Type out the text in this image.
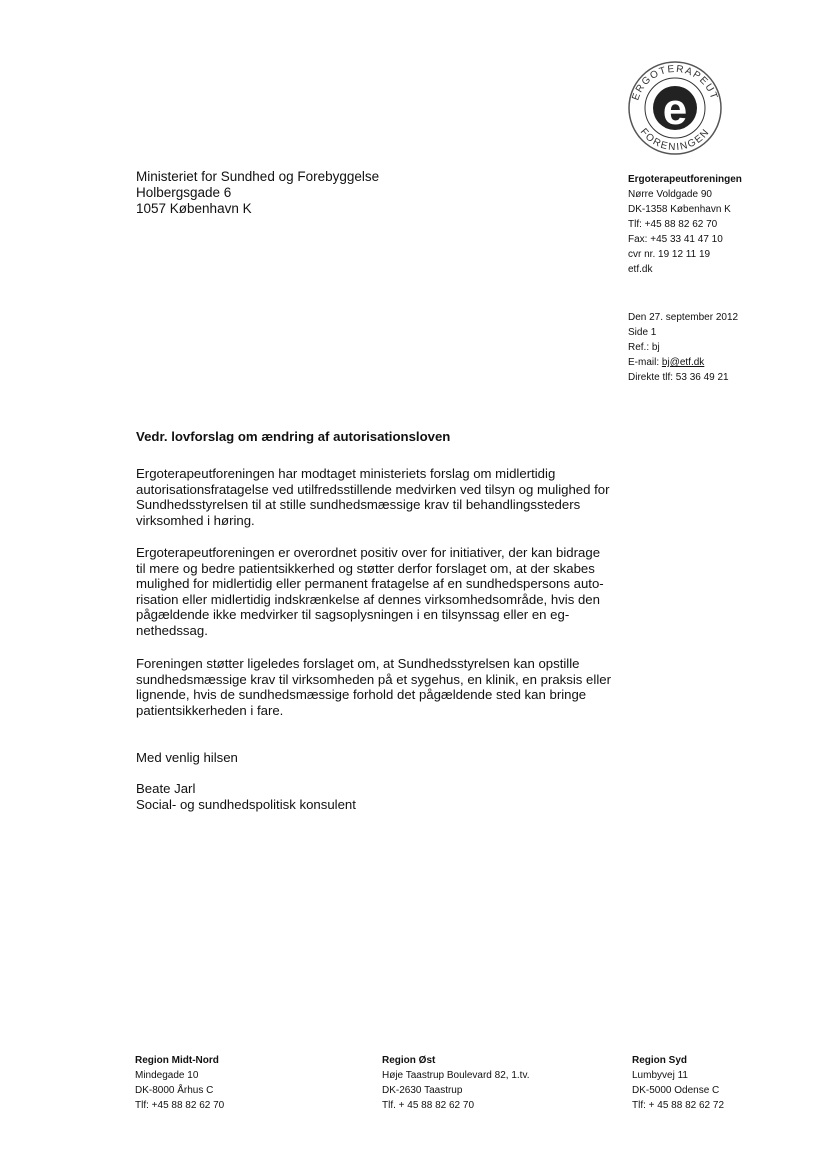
e
ERGOTERAPEUT
FORENINGEN
Ministeriet for Sundhed og Forebyggelse
Holbergsgade 6
1057 København K
Ergoterapeutforeningen
Nørre Voldgade 90
DK-1358 København K
Tlf: +45 88 82 62 70
Fax: +45 33 41 47 10
cvr nr. 19 12 11 19
etf.dk
Den 27. september 2012
Side 1
Ref.: bj
E-mail: bj@etf.dk
Direkte tlf: 53 36 49 21
Vedr. lovforslag om ændring af autorisationsloven
Ergoterapeutforeningen har modtaget ministeriets forslag om midlertidig
autorisationsfratagelse ved utilfredsstillende medvirken ved tilsyn og mulighed for
Sundhedsstyrelsen til at stille sundhedsmæssige krav til behandlingssteders
virksomhed i høring.
Ergoterapeutforeningen er overordnet positiv over for initiativer, der kan bidrage
til mere og bedre patientsikkerhed og støtter derfor forslaget om, at der skabes
mulighed for midlertidig eller permanent fratagelse af en sundhedspersons auto-
risation eller midlertidig indskrænkelse af dennes virksomhedsområde, hvis den
pågældende ikke medvirker til sagsoplysningen i en tilsynssag eller en eg-
nethedssag.
Foreningen støtter ligeledes forslaget om, at Sundhedsstyrelsen kan opstille
sundhedsmæssige krav til virksomheden på et sygehus, en klinik, en praksis eller
lignende, hvis de sundhedsmæssige forhold det pågældende sted kan bringe
patientsikkerheden i fare.
Med venlig hilsen
Beate Jarl
Social- og sundhedspolitisk konsulent
Region Midt-Nord
Mindegade 10
DK-8000 Århus C
Tlf: +45 88 82 62 70
Region Øst
Høje Taastrup Boulevard 82, 1.tv.
DK-2630 Taastrup
Tlf. + 45 88 82 62 70
Region Syd
Lumbyvej 11
DK-5000 Odense C
Tlf: + 45 88 82 62 72
